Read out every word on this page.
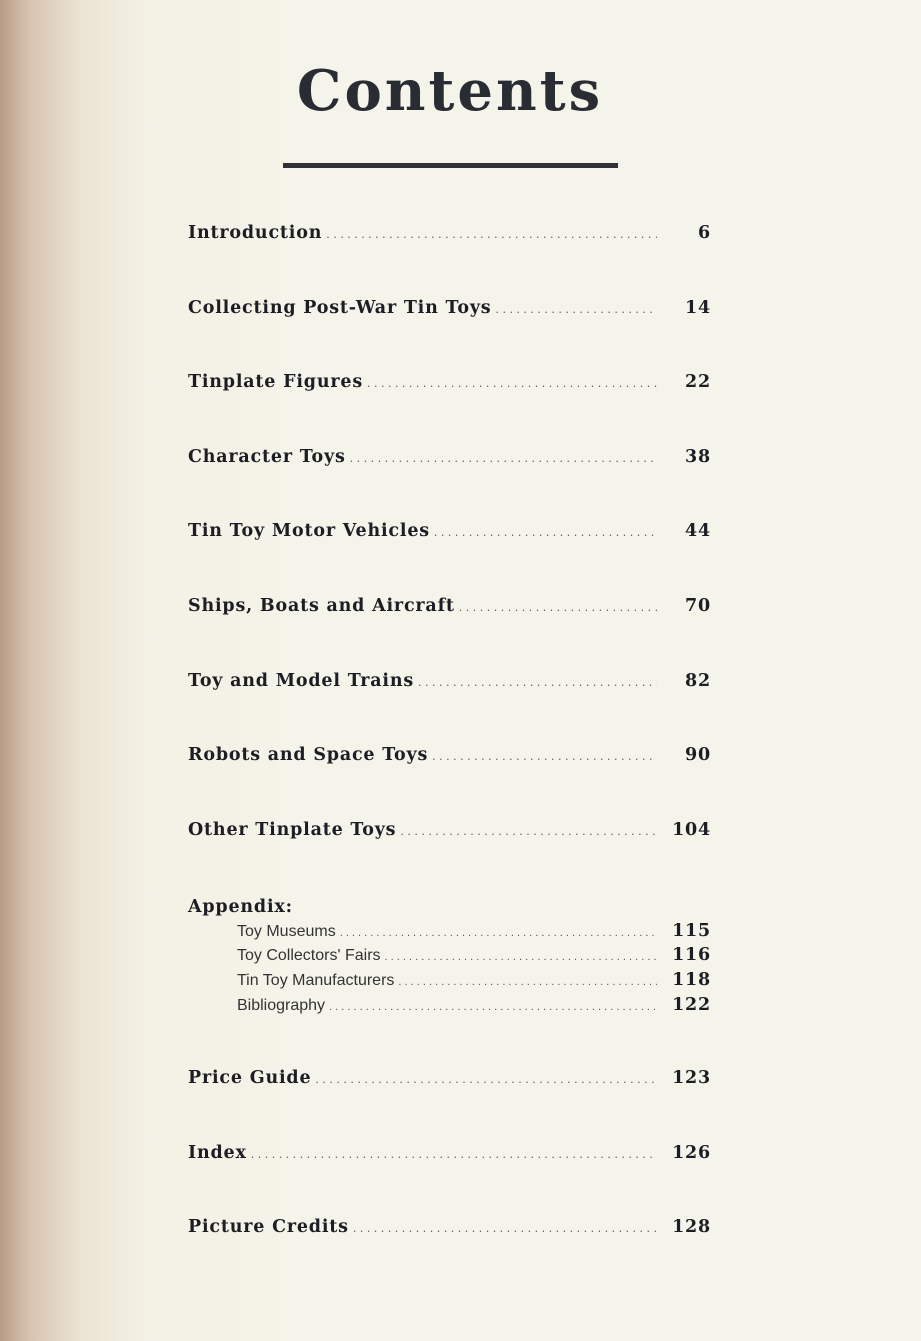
Contents
Introduction . . .	6
Collecting Post-War Tin Toys . . .	14
Tinplate Figures . . .	22
Character Toys . . .	38
Tin Toy Motor Vehicles . . .	44
Ships, Boats and Aircraft . . .	70
Toy and Model Trains . . .	82
Robots and Space Toys . . .	90
Other Tinplate Toys . . .	104
Appendix:
Toy Museums . . .	115
Toy Collectors' Fairs . . .	116
Tin Toy Manufacturers . . .	118
Bibliography . . .	122
Price Guide . . .	123
Index . . .	126
Picture Credits . . .	128
